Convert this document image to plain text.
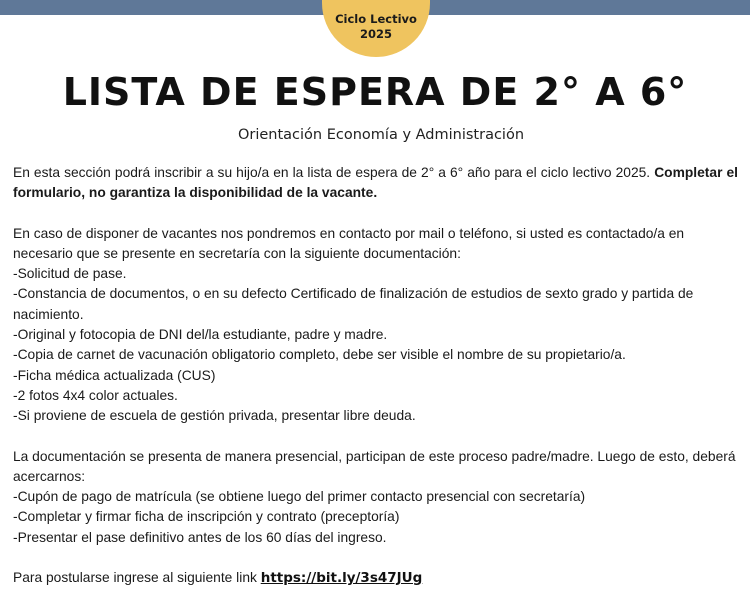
Ciclo Lectivo
2025
LISTA DE ESPERA DE 2° A 6°
Orientación Economía y Administración

En esta sección podrá inscribir a su hijo/a en la lista de espera de 2° a 6° año para el ciclo lectivo 2025. Completar el formulario, no garantiza la disponibilidad de la vacante.

En caso de disponer de vacantes nos pondremos en contacto por mail o teléfono, si usted es contactado/a en necesario que se presente en secretaría con la siguiente documentación:

-Solicitud de pase.

-Constancia de documentos, o en su defecto Certificado de finalización de estudios de sexto grado y partida de nacimiento.

-Original y fotocopia de DNI del/la estudiante, padre y madre.

-Copia de carnet de vacunación obligatorio completo, debe ser visible el nombre de su propietario/a.

-Ficha médica actualizada (CUS)

-2 fotos 4x4 color actuales.

-Si proviene de escuela de gestión privada, presentar libre deuda.

La documentación se presenta de manera presencial, participan de este proceso padre/madre. Luego de esto, deberá acercarnos:

-Cupón de pago de matrícula (se obtiene luego del primer contacto presencial con secretaría)

-Completar y firmar ficha de inscripción y contrato (preceptoría)

-Presentar el pase definitivo antes de los 60 días del ingreso.

Para postularse ingrese al siguiente link https://bit.ly/3s47JUg
